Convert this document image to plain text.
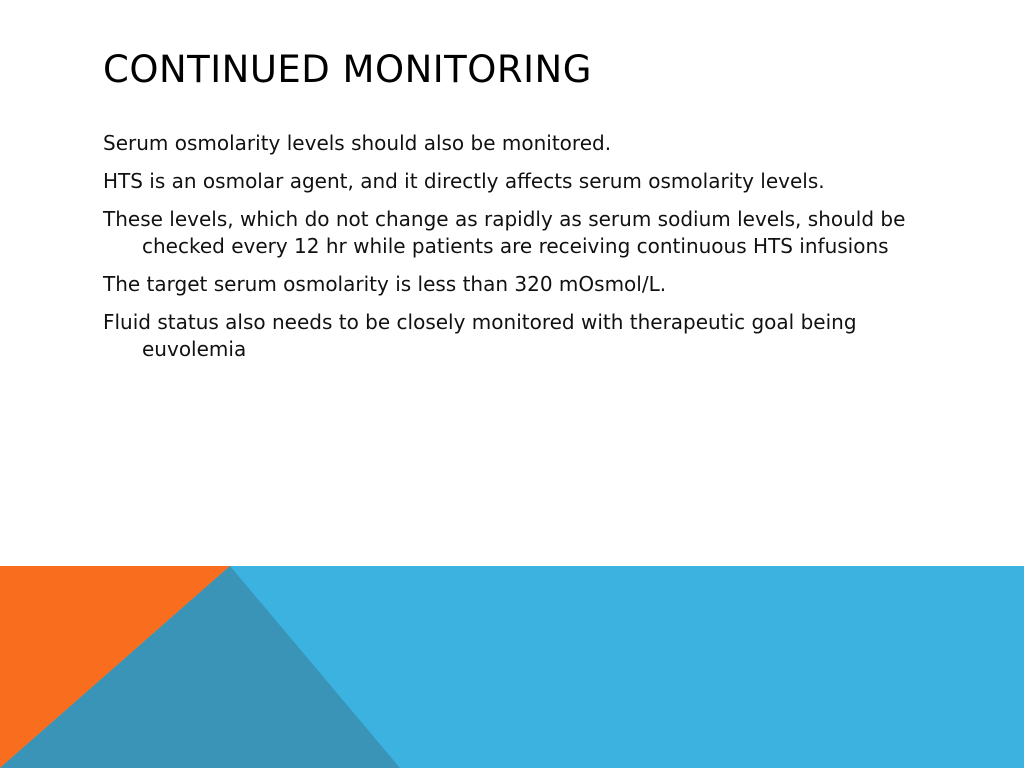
CONTINUED MONITORING
Serum osmolarity levels should also be monitored.
HTS is an osmolar agent, and it directly affects serum osmolarity levels.
These levels, which do not change as rapidly as serum sodium levels, should be checked every 12 hr while patients are receiving continuous HTS infusions
The target serum osmolarity is less than 320 mOsmol/L.
Fluid status also needs to be closely monitored with therapeutic goal being euvolemia
